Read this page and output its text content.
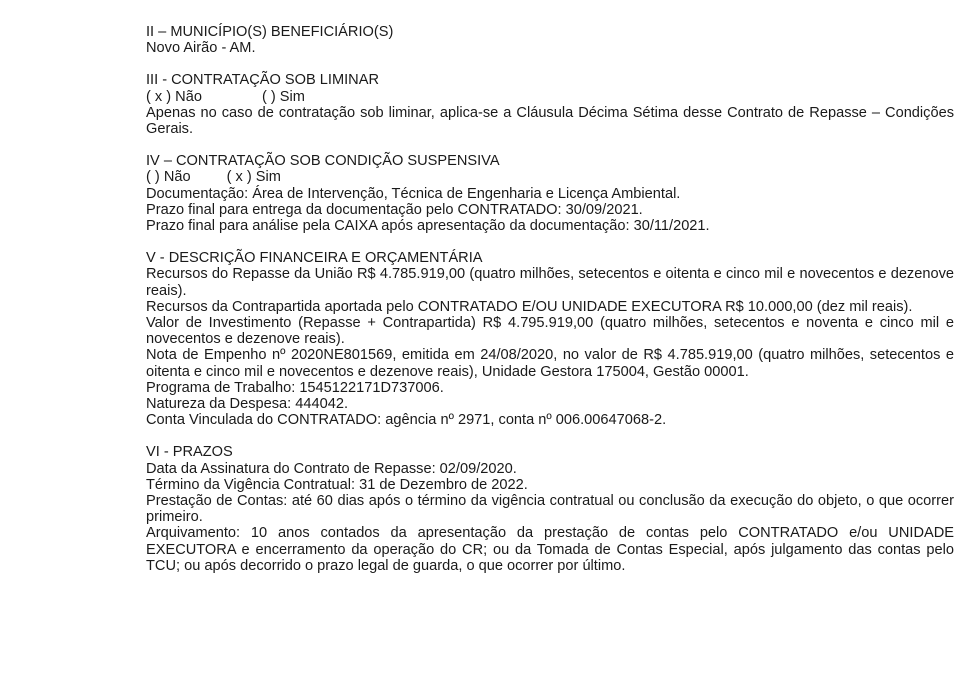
II – MUNICÍPIO(S) BENEFICIÁRIO(S)
Novo Airão - AM.
III - CONTRATAÇÃO SOB LIMINAR
( x ) Não	( ) Sim
Apenas no caso de contratação sob liminar, aplica-se a Cláusula Décima Sétima desse Contrato de Repasse – Condições Gerais.
IV – CONTRATAÇÃO SOB CONDIÇÃO SUSPENSIVA
( ) Não ( x ) Sim
Documentação: Área de Intervenção, Técnica de Engenharia e Licença Ambiental.
Prazo final para entrega da documentação pelo CONTRATADO: 30/09/2021.
Prazo final para análise pela CAIXA após apresentação da documentação: 30/11/2021.
V - DESCRIÇÃO FINANCEIRA E ORÇAMENTÁRIA
Recursos do Repasse da União R$ 4.785.919,00 (quatro milhões, setecentos e oitenta e cinco mil e novecentos e dezenove reais).
Recursos da Contrapartida aportada pelo CONTRATADO E/OU UNIDADE EXECUTORA R$ 10.000,00 (dez mil reais).
Valor de Investimento (Repasse + Contrapartida) R$ 4.795.919,00 (quatro milhões, setecentos e noventa e cinco mil e novecentos e dezenove reais).
Nota de Empenho nº 2020NE801569, emitida em 24/08/2020, no valor de R$ 4.785.919,00 (quatro milhões, setecentos e oitenta e cinco mil e novecentos e dezenove reais), Unidade Gestora 175004, Gestão 00001.
Programa de Trabalho: 1545122171D737006.
Natureza da Despesa: 444042.
Conta Vinculada do CONTRATADO: agência nº 2971, conta nº 006.00647068-2.
VI - PRAZOS
Data da Assinatura do Contrato de Repasse: 02/09/2020.
Término da Vigência Contratual: 31 de Dezembro de 2022.
Prestação de Contas: até 60 dias após o término da vigência contratual ou conclusão da execução do objeto, o que ocorrer primeiro.
Arquivamento: 10 anos contados da apresentação da prestação de contas pelo CONTRATADO e/ou UNIDADE EXECUTORA e encerramento da operação do CR; ou da Tomada de Contas Especial, após julgamento das contas pelo TCU; ou após decorrido o prazo legal de guarda, o que ocorrer por último.
